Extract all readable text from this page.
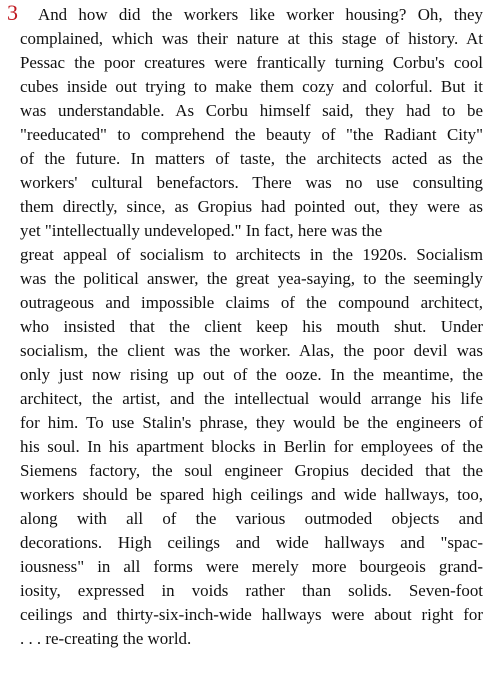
3	And how did the workers like worker housing? Oh, they
complained, which was their nature at this stage of history. At
Pessac the poor creatures were frantically turning Corbu's cool
cubes inside out trying to make them cozy and colorful. But it
was understandable. As Corbu himself said, they had to be
"reeducated" to comprehend the beauty of "the Radiant City"
of the future. In matters of taste, the architects acted as the
workers' cultural benefactors. There was no use consulting
them directly, since, as Gropius had pointed out, they were as
yet "intellectually undeveloped." In fact, here was the
great appeal of socialism to architects in the 1920s. Socialism
was the political answer, the great yea-saying, to the seemingly
outrageous and impossible claims of the compound architect,
who insisted that the client keep his mouth shut. Under
socialism, the client was the worker. Alas, the poor devil was
only just now rising up out of the ooze. In the meantime, the
architect, the artist, and the intellectual would arrange his life
for him. To use Stalin's phrase, they would be the engineers of
his soul. In his apartment blocks in Berlin for employees of the
Siemens factory, the soul engineer Gropius decided that the
workers should be spared high ceilings and wide hallways, too,
along with all of the various outmoded objects and
decorations. High ceilings and wide hallways and "spac-
iousness" in all forms were merely more bourgeois grand-
iosity, expressed in voids rather than solids. Seven-foot
ceilings and thirty-six-inch-wide hallways were about right for
. . . re-creating the world.
